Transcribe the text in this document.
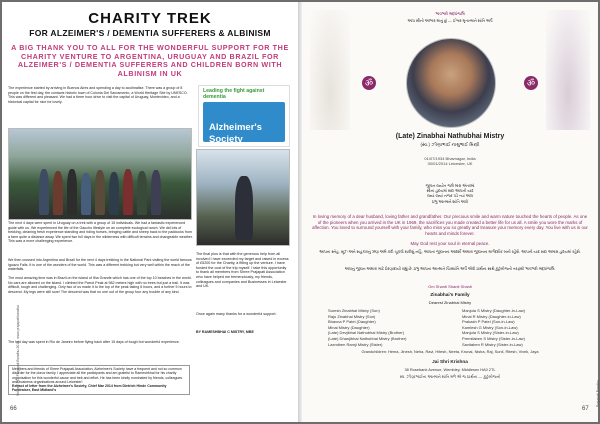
CHARITY TREK
FOR ALZEIMER'S / DEMENTIA SUFFERERS & ALBINISM
A BIG THANK YOU TO ALL FOR THE WONDERFUL SUPPORT FOR THE CHARITY VENTURE TO ARGENTINA, URUGUAY AND BRAZIL FOR ALZEIMER'S / DEMENTIA SUFFERERS AND CHILDREN BORN WITH ALBINISM IN UK
The experience started by arriving in Buenos Aires and spending a day to acclimatise. There was a group of 8 people on the first day, the contacts historic town of Colonia Del Sacramento, a World Heritage Site by UNESCO. This was different and pleasant. We had a three hour drive to visit the capital of Uruguay, Montevideo, and a historical capital for nice for lovely.
Leading the fight against dementia
Alzheimer's
Society
The next 4 days were spent in Uruguay on a trek with a group of 15 individuals. We had a fantastic experienced guide with us. We experienced the life of the Gaucho lifestyle on an complete ecological ranch. We did lots of trekking, cleaning fresh experience standing and riding horses, bringing cattle and sheep back to the paddocks from a farm quite a distance away. We spent two full days in the wilderness with difficult terrains and changeable weather. This was a more challenging experience.
We then crossed into Argentina and Brazil for the next 4 days trekking in the National Park visiting the world famous Iguazu Falls. It is one of the wonders of the world. This was a different trekking but very well within the reach of the waterfalls.
The most amazing time was in Brazil on the island of Ilha Grande which has one of the top 10 beaches in the world. No cars are allowed on the island. I climbed the Parrot Peak at 982 meters high with no trees but just a trail. It was difficult, tough and challenging. Only two of us made it to the top of the peak taking 6 hours, and a further 5 hours to descend. My legs were still sore! The descend was that no one out of the group four any trouble of any kind.
The last day was spent in Rio de Janeiro before flying back after 15 days of tough but wonderful experience.
The final plus is that with the generous help from all involved I have exceeded my target and raised in excess of £5200 for the Charity, a fitting up the venture. I have funded the cost of the trip myself. I take this opportunity to thank all members from Shree Prajapati Association who have helped me tremendously, my friends, colleagues and companies and Businesses in Leicester and UK.
Once again many thanks for a wonderful support.
BY RAMESHBHAI C MISTRY, MBE
Members and friends of Shree Prajapati Association, Alzheimer's Society have a frequent and not so common disorder for the donor family. I appreciate all the participants and am grateful to Rameshbhai for his charity organisation for this wonderful cause and trek and effort. He has been kindly nominated by friends, colleagues and business organisations around Leicester!
Extract of letter from the Alzheimer's Society, Chief Mar 2014 from Dietrich Hinde Community Fundraiser, East Midland's
66
Volume 26 · Prajapati Bandhu 2014, www.prajapatibandhu
ભાવભરી શ્રદ્ધાંજલિ
આપ સૌનો આભાર માનું છું — ઈશ્વર મૃતાત્માને શાંતિ અર્પે
ॐ	ॐ
(Late) Zinabhai Nathubhai Mistry
(સ્વ.) ઝીણાભાઈ નાથુભાઈ મિસ્ત્રી
01/07/1934 Bhavnagar, India
30/01/2014 Leicester, UK
જીવન જ્યોત જલે મારા અંતરમાં
સૌના હૃદયમાં સદા આપની યાદ
જ્યાં જ્યાં નજર પડે ત્યાં આપ
પ્રભુ આત્માને શાંતિ આપે
In loving memory of a dear husband, loving father and grandfather. Our precious smile and warm nature touched the hearts of people. As one of the pioneers when you arrived in the UK in 1969, the sacrifices you made created a better life for us all. A smile you wore the marks of affection. You loved to surround yourself with your family, who miss you so greatly and treasure your memory every day. You live with us in our hearts and minds forever.
May God rest your soul in eternal peace.
આપના સ્નેહ, સૂઝ અને સહકારનું ઋણ અમે કદી ચૂકવી શકીશું નહિ. આપના જીવનના આદર્શો અમારા જીવનના માર્ગદર્શક બની રહેશે. આપની યાદ સદા અમારા હૃદયમાં રહેશે.
આપનું જીવન અમારા માટે પ્રેરણાદાયી રહ્યું છે. પ્રભુ આપના આત્માને ચિરશાંતિ અર્પે એવી પ્રાર્થના સાથે કુટુંબીજનો તરફથી ભાવભરી શ્રદ્ધાંજલિ.
Om Shanti Shanti Shanti
Zinabhai's Family
Dearest Zinabhai Mistry
Suresh Zinabhai Mistry (Son)
Raju Zinabhai Mistry (Son)
Bhavna P Patel (Daughter)
Minal Mistry (Daughter)
(Late) Devjibhai Nathubhai Mistry (Brother)
(Late) Dhanjibhai Nathubhai Mistry (Brother)
Laxmiben Ramji Mistry (Sister)
Manjula S Mistry (Daughter-in-Law)
Minal R Mistry (Daughter-in-Law)
Prakash P Patel (Son-in-Law)
Kamlesh G Mistry (Son-in-Law)
Manjula S Mistry (Sister-in-Law)
Premilaben S Mistry (Sister-in-Law)
Savitaben R Mistry (Sister-in-Law)
Grandchildren: Hema, Jinesh, Neha, Ravi, Hitesh, Neeta, Krunal, Nisha, Raj, Sunil, Ritesh, Vivek, Jaya
Jai Shri Krishna
38 Rosebank Avenue, Wembley, Middlesex HA0 2TL
સ્વ. ઝીણાભાઈના આત્માને શાંતિ મળે એ જ પ્રાર્થના — કુટુંબીજનો
67
Prajapati Bandhu
